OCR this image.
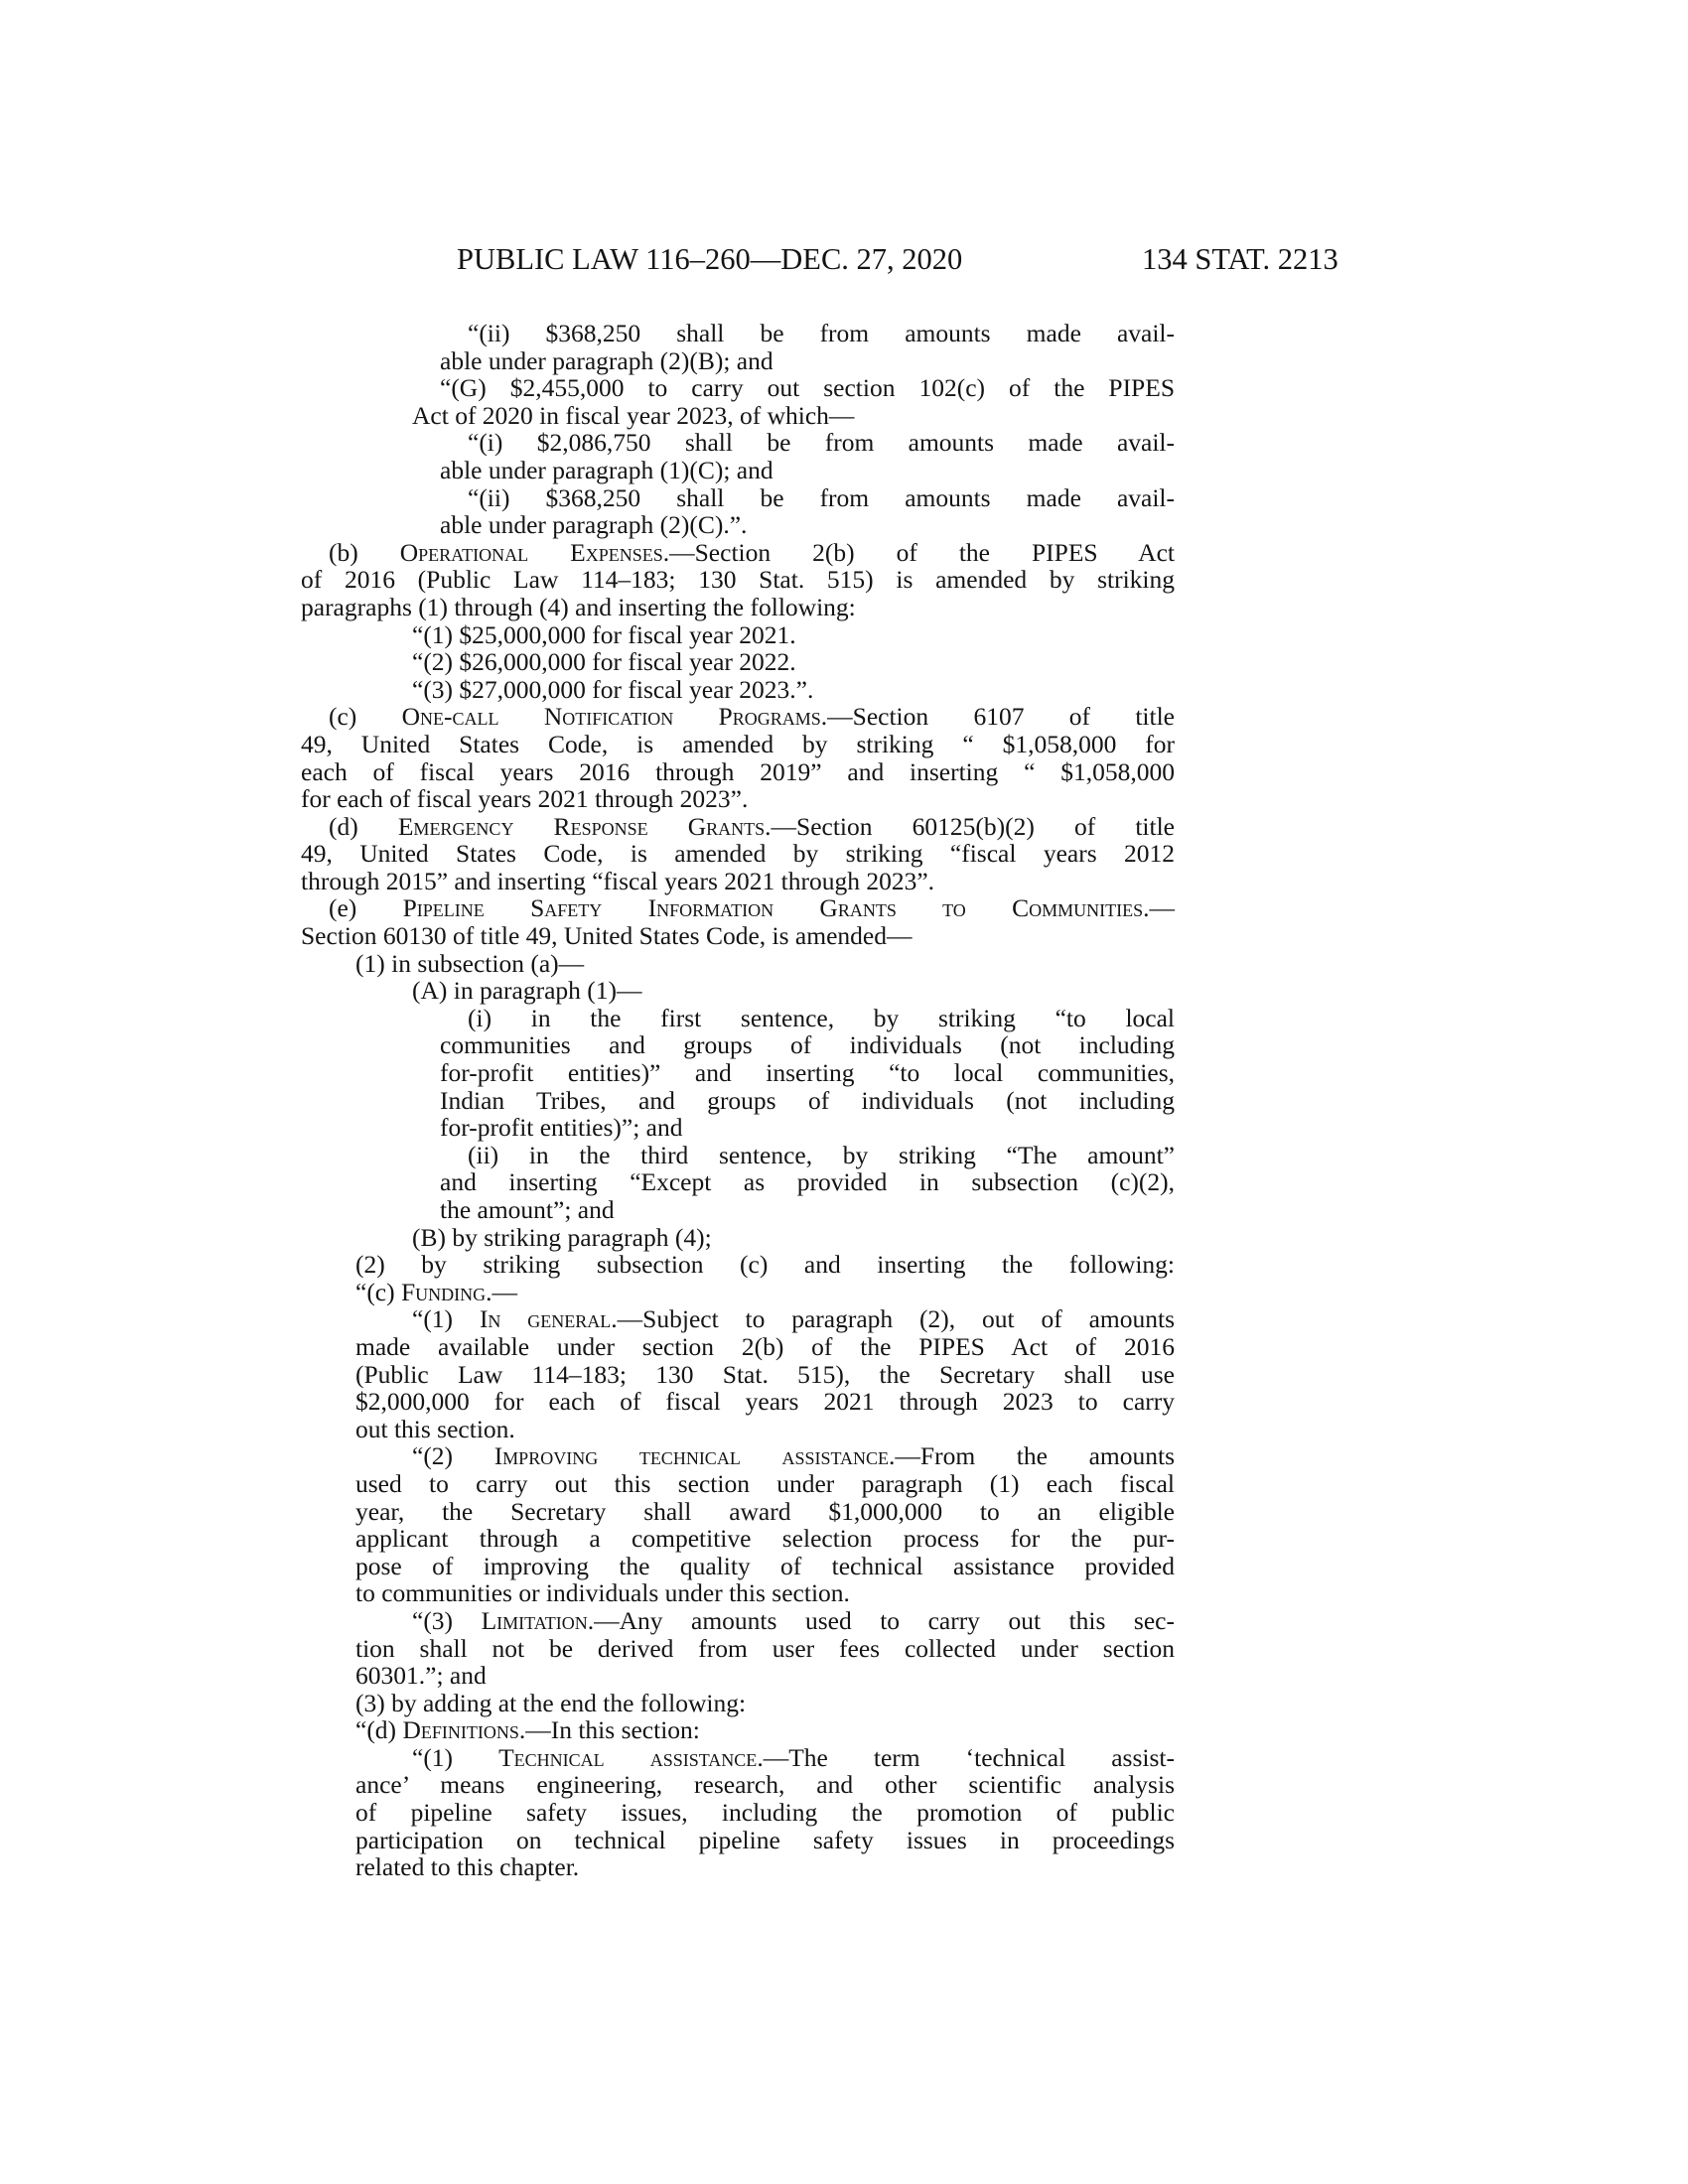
PUBLIC LAW 116–260—DEC. 27, 2020	134 STAT. 2213
“(ii) $368,250 shall be from amounts made avail-
able under paragraph (2)(B); and
“(G) $2,455,000 to carry out section 102(c) of the PIPES
Act of 2020 in fiscal year 2023, of which—
“(i) $2,086,750 shall be from amounts made avail-
able under paragraph (1)(C); and
“(ii) $368,250 shall be from amounts made avail-
able under paragraph (2)(C).”.
(b) Operational Expenses.—Section 2(b) of the PIPES Act
of 2016 (Public Law 114–183; 130 Stat. 515) is amended by striking
paragraphs (1) through (4) and inserting the following:
“(1) $25,000,000 for fiscal year 2021.
“(2) $26,000,000 for fiscal year 2022.
“(3) $27,000,000 for fiscal year 2023.”.
(c) One-call Notification Programs.—Section 6107 of title
49, United States Code, is amended by striking “ $1,058,000 for
each of fiscal years 2016 through 2019” and inserting “ $1,058,000
for each of fiscal years 2021 through 2023”.
(d) Emergency Response Grants.—Section 60125(b)(2) of title
49, United States Code, is amended by striking “fiscal years 2012
through 2015” and inserting “fiscal years 2021 through 2023”.
(e) Pipeline Safety Information Grants to Communities.—
Section 60130 of title 49, United States Code, is amended—
(1) in subsection (a)—
(A) in paragraph (1)—
(i) in the first sentence, by striking “to local
communities and groups of individuals (not including
for-profit entities)” and inserting “to local communities,
Indian Tribes, and groups of individuals (not including
for-profit entities)”; and
(ii) in the third sentence, by striking “The amount”
and inserting “Except as provided in subsection (c)(2),
the amount”; and
(B) by striking paragraph (4);
(2) by striking subsection (c) and inserting the following:
“(c) Funding.—
“(1) In general.—Subject to paragraph (2), out of amounts
made available under section 2(b) of the PIPES Act of 2016
(Public Law 114–183; 130 Stat. 515), the Secretary shall use
$2,000,000 for each of fiscal years 2021 through 2023 to carry
out this section.
“(2) Improving technical assistance.—From the amounts
used to carry out this section under paragraph (1) each fiscal
year, the Secretary shall award $1,000,000 to an eligible
applicant through a competitive selection process for the pur-
pose of improving the quality of technical assistance provided
to communities or individuals under this section.
“(3) Limitation.—Any amounts used to carry out this sec-
tion shall not be derived from user fees collected under section
60301.”; and
(3) by adding at the end the following:
“(d) Definitions.—In this section:
“(1) Technical assistance.—The term ‘technical assist-
ance’ means engineering, research, and other scientific analysis
of pipeline safety issues, including the promotion of public
participation on technical pipeline safety issues in proceedings
related to this chapter.
